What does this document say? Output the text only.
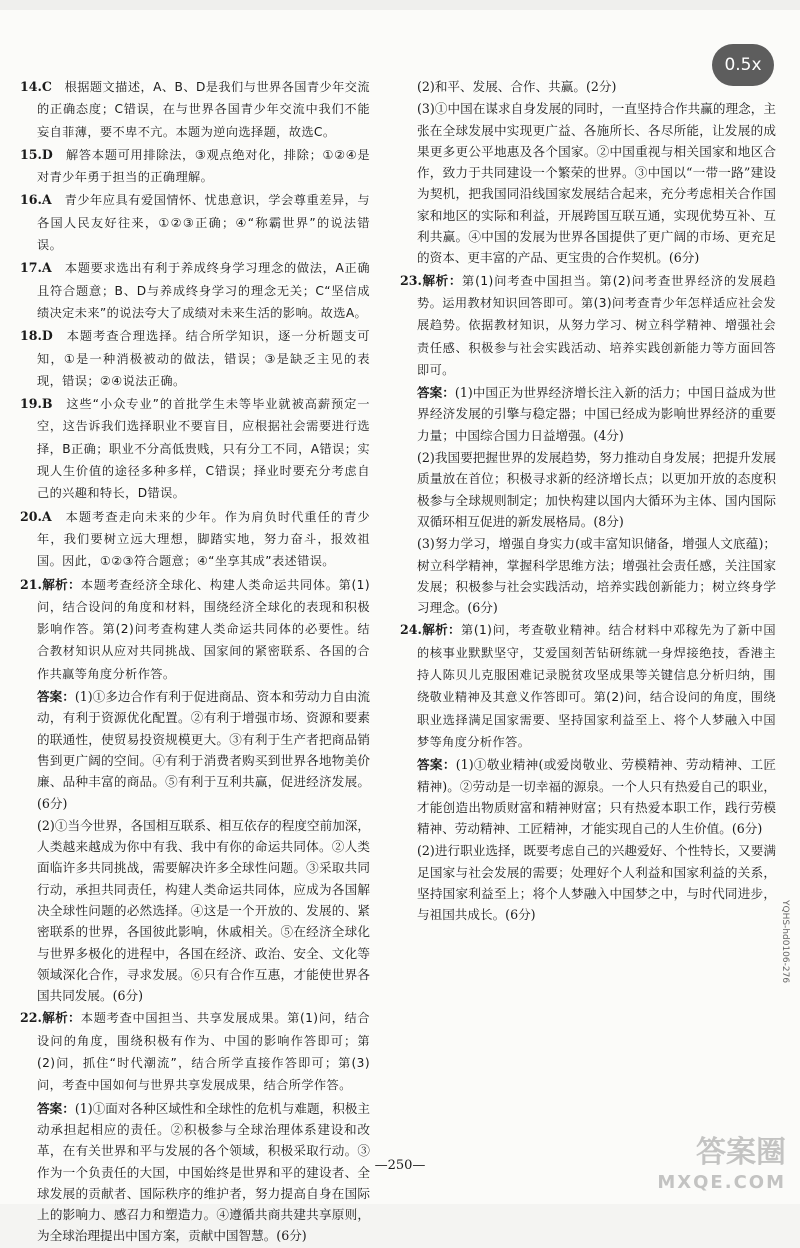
14.C　 根据题文描述，A、B、D是我们与世界各国青少年交流的正确态度；C错误，在与世界各国青少年交流中我们不能妄自菲薄，要不卑不亢。本题为逆向选择题，故选C。
15.D　 解答本题可用排除法，③观点绝对化，排除；①②④是对青少年勇于担当的正确理解。
16.A　 青少年应具有爱国情怀、忧患意识，学会尊重差异，与各国人民友好往来，①②③正确；④“称霸世界”的说法错误。
17.A　 本题要求选出有利于养成终身学习理念的做法，A正确且符合题意；B、D与养成终身学习的理念无关；C“坚信成绩决定未来”的说法夸大了成绩对未来生活的影响。故选A。
18.D　 本题考查合理选择。结合所学知识，逐一分析题支可知，①是一种消极被动的做法，错误；③是缺乏主见的表现，错误；②④说法正确。
19.B　 这些“小众专业”的首批学生未等毕业就被高薪预定一空，这告诉我们选择职业不要盲目，应根据社会需要进行选择，B正确；职业不分高低贵贱，只有分工不同，A错误；实现人生价值的途径多种多样，C错误；择业时要充分考虑自己的兴趣和特长，D错误。
20.A　 本题考查走向未来的少年。作为肩负时代重任的青少年，我们要树立远大理想，脚踏实地，努力奋斗，报效祖国。因此，①②③符合题意；④“坐享其成”表述错误。
21.解析：本题考查经济全球化、构建人类命运共同体。第(1)问，结合设问的角度和材料，围绕经济全球化的表现和积极影响作答。第(2)问考查构建人类命运共同体的必要性。结合教材知识从应对共同挑战、国家间的紧密联系、各国的合作共赢等角度分析作答。
答案：(1)①多边合作有利于促进商品、资本和劳动力自由流动，有利于资源优化配置。②有利于增强市场、资源和要素的联通性，使贸易投资规模更大。③有利于生产者把商品销售到更广阔的空间。④有利于消费者购买到世界各地物美价廉、品种丰富的商品。⑤有利于互利共赢，促进经济发展。(6分)
(2)①当今世界，各国相互联系、相互依存的程度空前加深，人类越来越成为你中有我、我中有你的命运共同体。②人类面临许多共同挑战，需要解决许多全球性问题。③采取共同行动，承担共同责任，构建人类命运共同体，应成为各国解决全球性问题的必然选择。④这是一个开放的、发展的、紧密联系的世界，各国彼此影响，休戚相关。⑤在经济全球化与世界多极化的进程中，各国在经济、政治、安全、文化等领域深化合作，寻求发展。⑥只有合作互惠，才能使世界各国共同发展。(6分)
22.解析：本题考查中国担当、共享发展成果。第(1)问，结合设问的角度，围绕积极有作为、中国的影响作答即可；第(2)问，抓住“时代潮流”，结合所学直接作答即可；第(3)问，考查中国如何与世界共享发展成果，结合所学作答。
答案：(1)①面对各种区域性和全球性的危机与难题，积极主动承担起相应的责任。②积极参与全球治理体系建设和改革，在有关世界和平与发展的各个领域，积极采取行动。③作为一个负责任的大国，中国始终是世界和平的建设者、全球发展的贡献者、国际秩序的维护者，努力提高自身在国际上的影响力、感召力和塑造力。④遵循共商共建共享原则，为全球治理提出中国方案，贡献中国智慧。(6分)
(2)和平、发展、合作、共赢。(2分)
(3)①中国在谋求自身发展的同时，一直坚持合作共赢的理念，主张在全球发展中实现更广益、各施所长、各尽所能，让发展的成果更多更公平地惠及各个国家。②中国重视与相关国家和地区合作，致力于共同建设一个繁荣的世界。③中国以“一带一路”建设为契机，把我国同沿线国家发展结合起来，充分考虑相关合作国家和地区的实际和利益，开展跨国互联互通，实现优势互补、互利共赢。④中国的发展为世界各国提供了更广阔的市场、更充足的资本、更丰富的产品、更宝贵的合作契机。(6分)
23.解析：第(1)问考查中国担当。第(2)问考查世界经济的发展趋势。运用教材知识回答即可。第(3)问考查青少年怎样适应社会发展趋势。依据教材知识，从努力学习、树立科学精神、增强社会责任感、积极参与社会实践活动、培养实践创新能力等方面回答即可。
答案：(1)中国正为世界经济增长注入新的活力；中国日益成为世界经济发展的引擎与稳定器；中国已经成为影响世界经济的重要力量；中国综合国力日益增强。(4分)
(2)我国要把握世界的发展趋势，努力推动自身发展；把提升发展质量放在首位；积极寻求新的经济增长点；以更加开放的态度积极参与全球规则制定；加快构建以国内大循环为主体、国内国际双循环相互促进的新发展格局。(8分)
(3)努力学习，增强自身实力(或丰富知识储备，增强人文底蕴)；树立科学精神，掌握科学思维方法；增强社会责任感，关注国家发展；积极参与社会实践活动，培养实践创新能力；树立终身学习理念。(6分)
24.解析：第(1)问，考查敬业精神。结合材料中邓稼先为了新中国的核事业默默坚守，艾爱国刻苦钻研练就一身焊接绝技，香港主持人陈贝儿克服困难记录脱贫攻坚成果等关键信息分析归纳，围绕敬业精神及其意义作答即可。第(2)问，结合设问的角度，围绕职业选择满足国家需要、坚持国家利益至上、将个人梦融入中国梦等角度分析作答。
答案：(1)①敬业精神(或爱岗敬业、劳模精神、劳动精神、工匠精神)。②劳动是一切幸福的源泉。一个人只有热爱自己的职业，才能创造出物质财富和精神财富；只有热爱本职工作，践行劳模精神、劳动精神、工匠精神，才能实现自己的人生价值。(6分)
(2)进行职业选择，既要考虑自己的兴趣爱好、个性特长，又要满足国家与社会发展的需要；处理好个人利益和国家利益的关系，坚持国家利益至上；将个人梦融入中国梦之中，与时代同进步，与祖国共成长。(6分)
0.5x
YQHS-hd0106-276
—250—	答案圈
MXQE.COM
